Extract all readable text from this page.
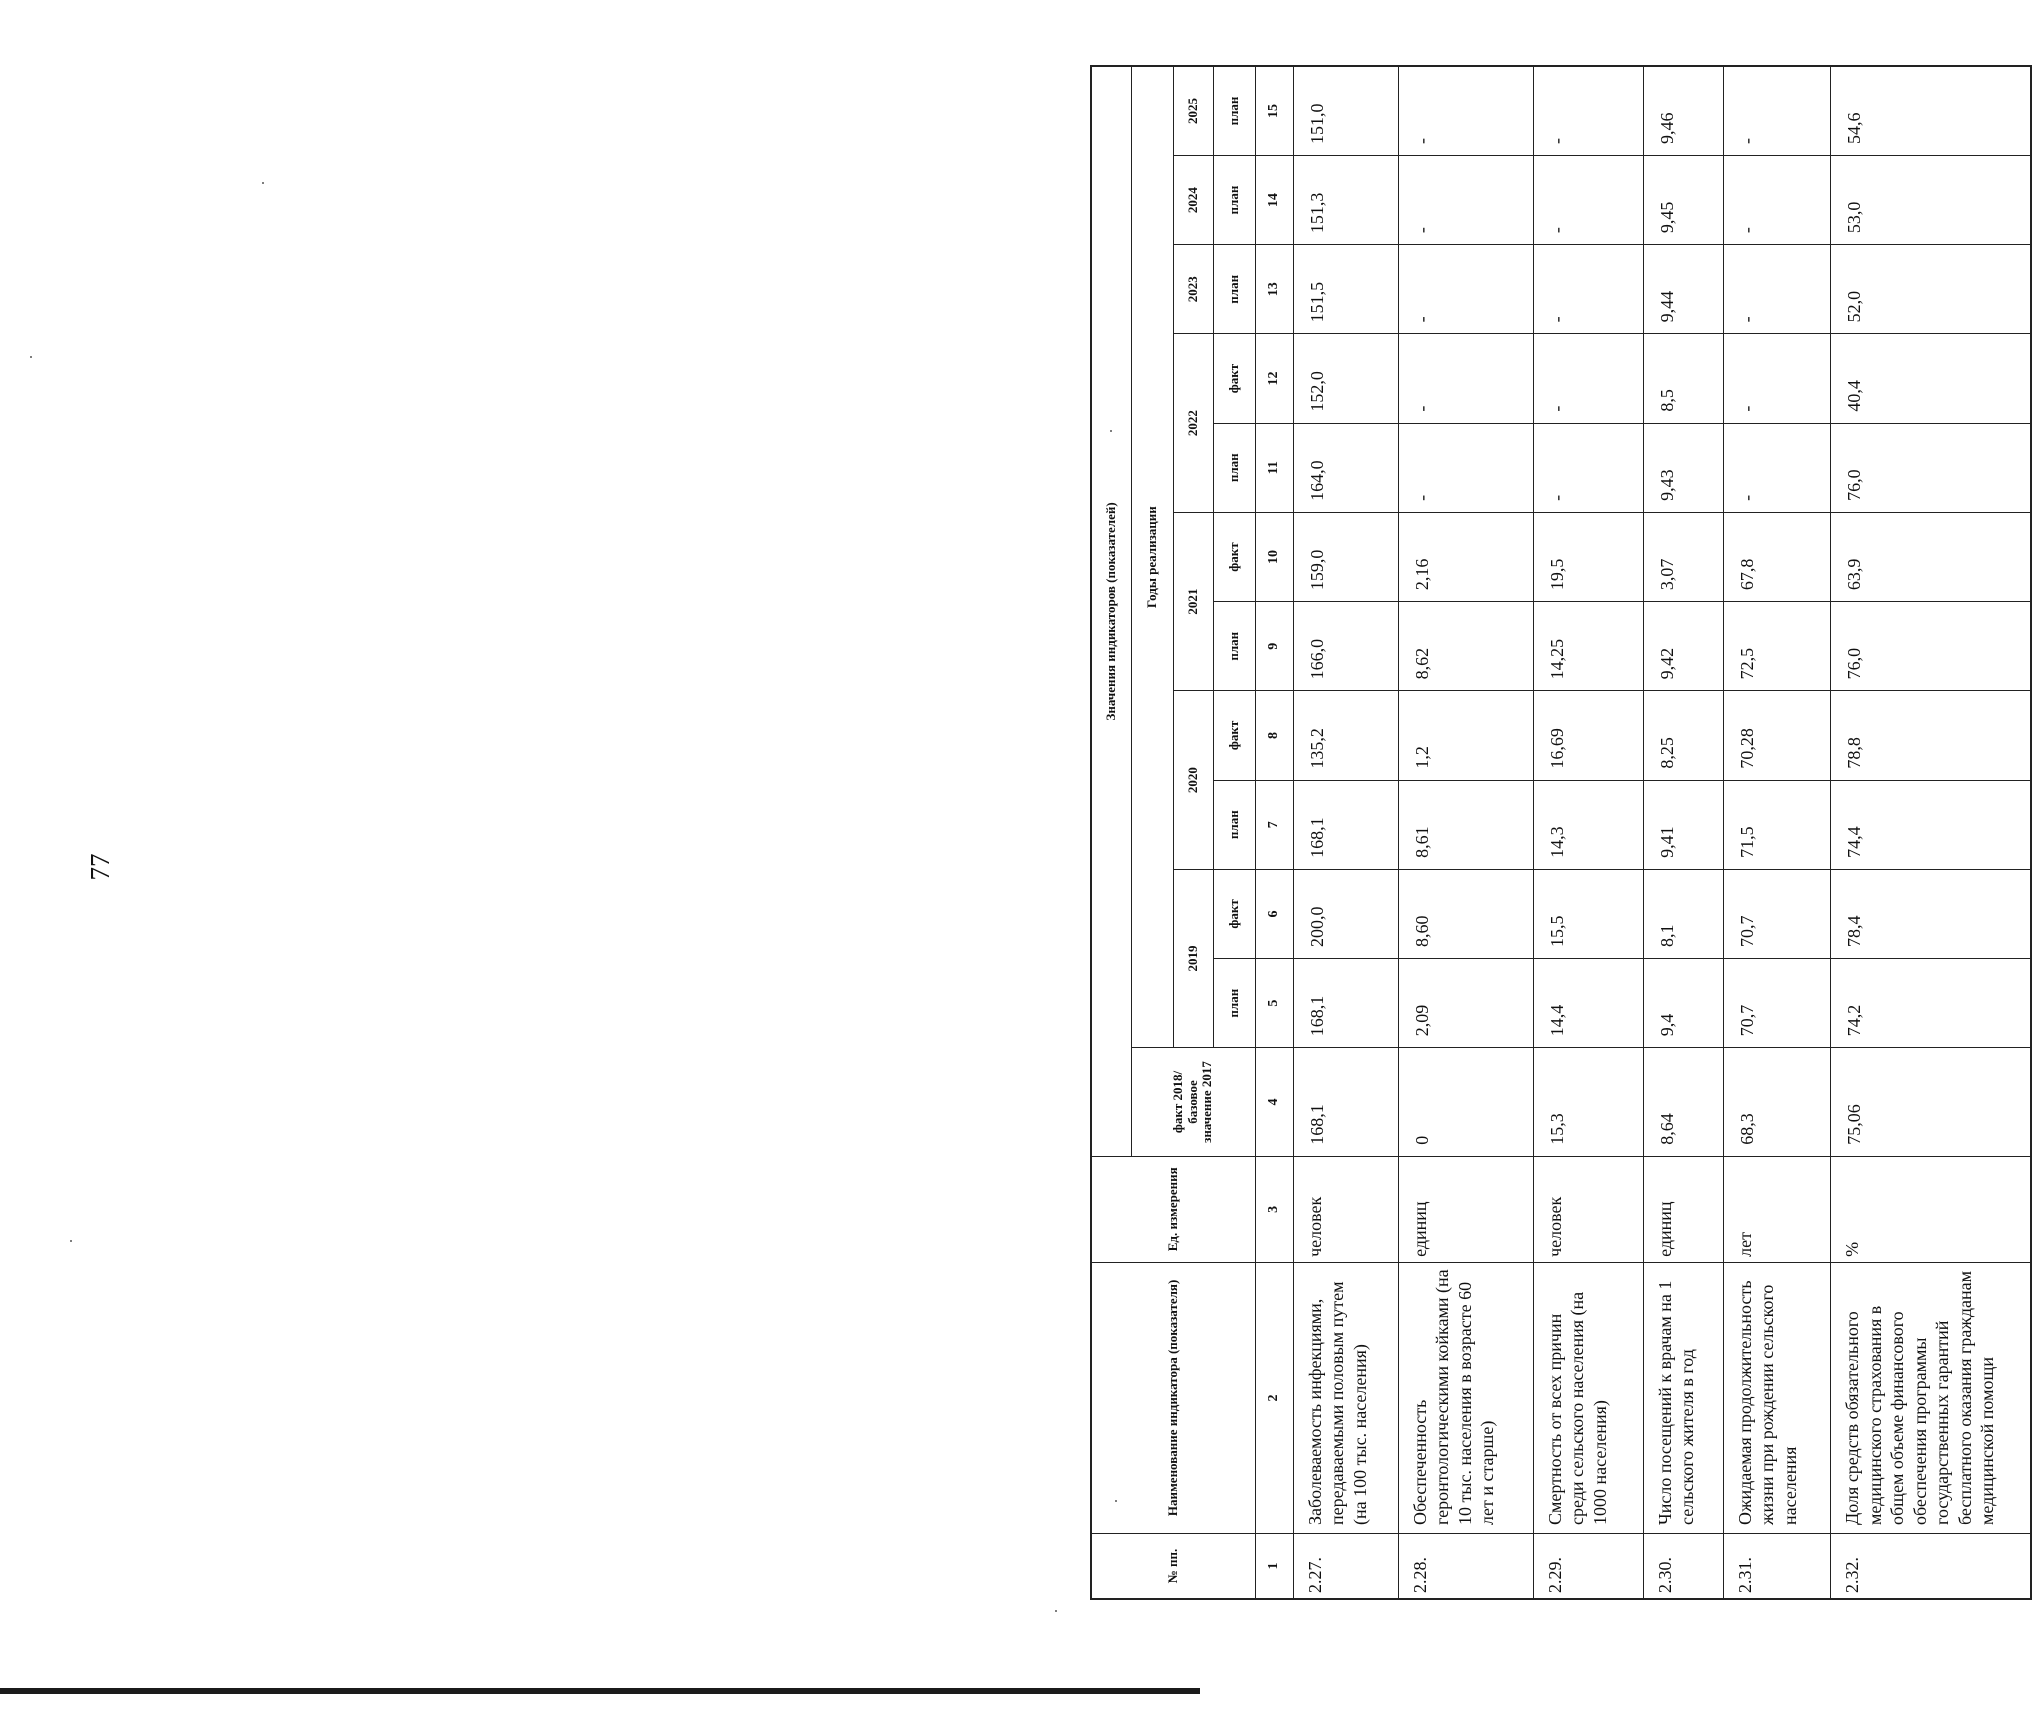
77
№ пп.	Наименование индикатора (показателя)	Ед. измерения	Значения индикаторов (показателей)											
			факт 2018/базовое значение 2017	Годы реализации										
				2019		2020		2021		2022		2023	2024	2025
				план	факт	план	факт	план	факт	план	факт	план	план	план
1	2	3	4	5	6	7	8	9	10	11	12	13	14	15
2.27.	Заболеваемость инфекциями, передаваемыми половым путем (на 100 тыс. населения)	человек	168,1	168,1	200,0	168,1	135,2	166,0	159,0	164,0	152,0	151,5	151,3	151,0
2.28.	Обеспеченность геронтологическими койками (на 10 тыс. населения в возрасте 60 лет и старше)	единиц	0	2,09	8,60	8,61	1,2	8,62	2,16	-	-	-	-	-
2.29.	Смертность от всех причин среди сельского населения (на 1000 населения)	человек	15,3	14,4	15,5	14,3	16,69	14,25	19,5	-	-	-	-	-
2.30.	Число посещений к врачам на 1 сельского жителя в год	единиц	8,64	9,4	8,1	9,41	8,25	9,42	3,07	9,43	8,5	9,44	9,45	9,46
2.31.	Ожидаемая продолжительность жизни при рождении сельского населения	лет	68,3	70,7	70,7	71,5	70,28	72,5	67,8	-	-	-	-	-
2.32.	Доля средств обязательного медицинского страхования в общем объеме финансового обеспечения программы государственных гарантий бесплатного оказания гражданам медицинской помощи	%	75,06	74,2	78,4	74,4	78,8	76,0	63,9	76,0	40,4	52,0	53,0	54,6
